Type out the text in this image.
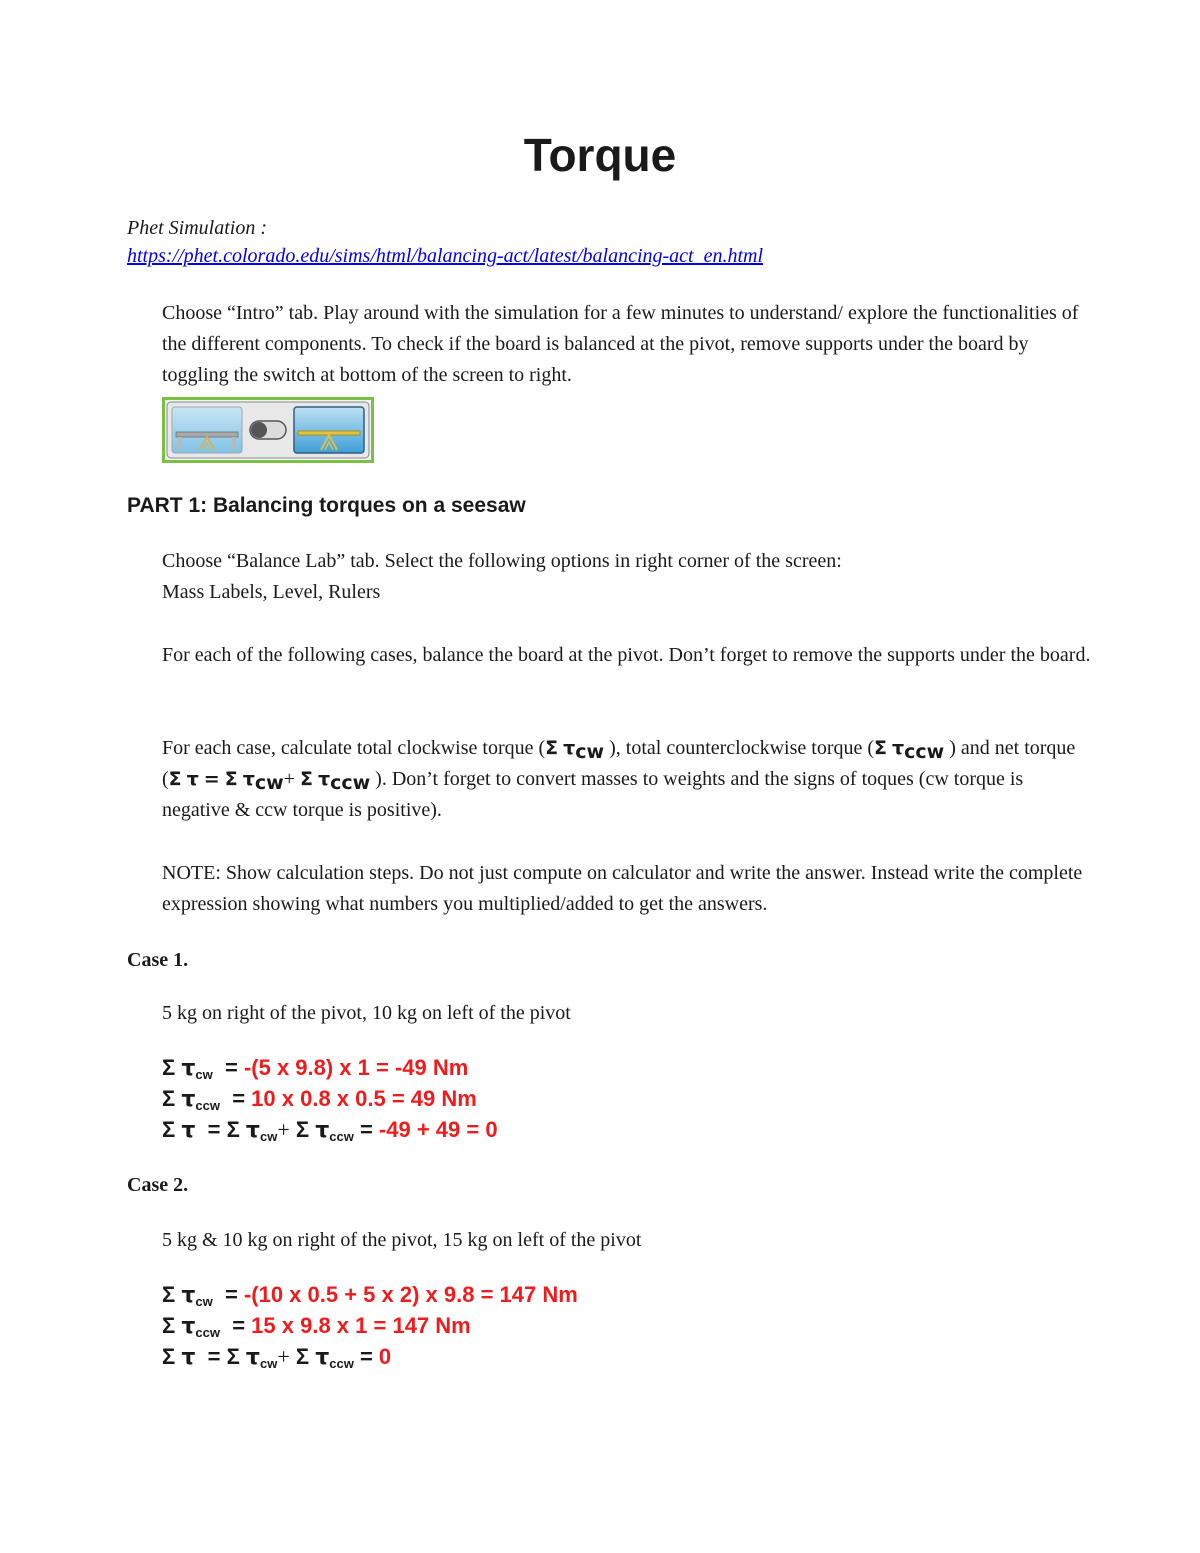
Torque
Phet Simulation :
https://phet.colorado.edu/sims/html/balancing-act/latest/balancing-act_en.html

Choose “Intro” tab. Play around with the simulation for a few minutes to understand/ explore the functionalities of the different components. To check if the board is balanced at the pivot, remove supports under the board by toggling the switch at bottom of the screen to right.

PART 1: Balancing torques on a seesaw
Choose “Balance Lab” tab. Select the following options in right corner of the screen:
Mass Labels, Level, Rulers

For each of the following cases, balance the board at the pivot. Don’t forget to remove the supports under the board.

For each case, calculate total clockwise torque (Σ $\tau_{cw}$ ), total counterclockwise torque (Σ $\tau_{ccw}$ ) and net torque (Σ τ = Σ $\tau_{cw}+ \Sigma$ $\tau_{ccw}$ ). Don’t forget to convert masses to weights and the signs of toques (cw torque is negative & ccw torque is positive).

NOTE: Show calculation steps. Do not just compute on calculator and write the answer. Instead write the complete expression showing what numbers you multiplied/added to get the answers.

Case 1.

5 kg on right of the pivot, 10 kg on left of the pivot

Σ $\tau_{cw} = -(5$ x 9.8) x 1 = -49 Nm
Σ $\tau_{ccw} = 10$ x 0.8 x 0.5 = 49 Nm
Σ τ = Σ $\tau_{cw}+ \Sigma$ $\tau_{ccw} = -49 + 49 = 0$
Case 2.

5 kg & 10 kg on right of the pivot, 15 kg on left of the pivot

Σ $\tau_{cw} = -(10$ x 0.5 + 5 x 2) x 9.8 = 147 Nm
Σ $\tau_{ccw} = 15$ x 9.8 x 1 = 147 Nm
Σ τ = Σ $\tau_{cw}+ \Sigma$ $\tau_{ccw} = 0$
